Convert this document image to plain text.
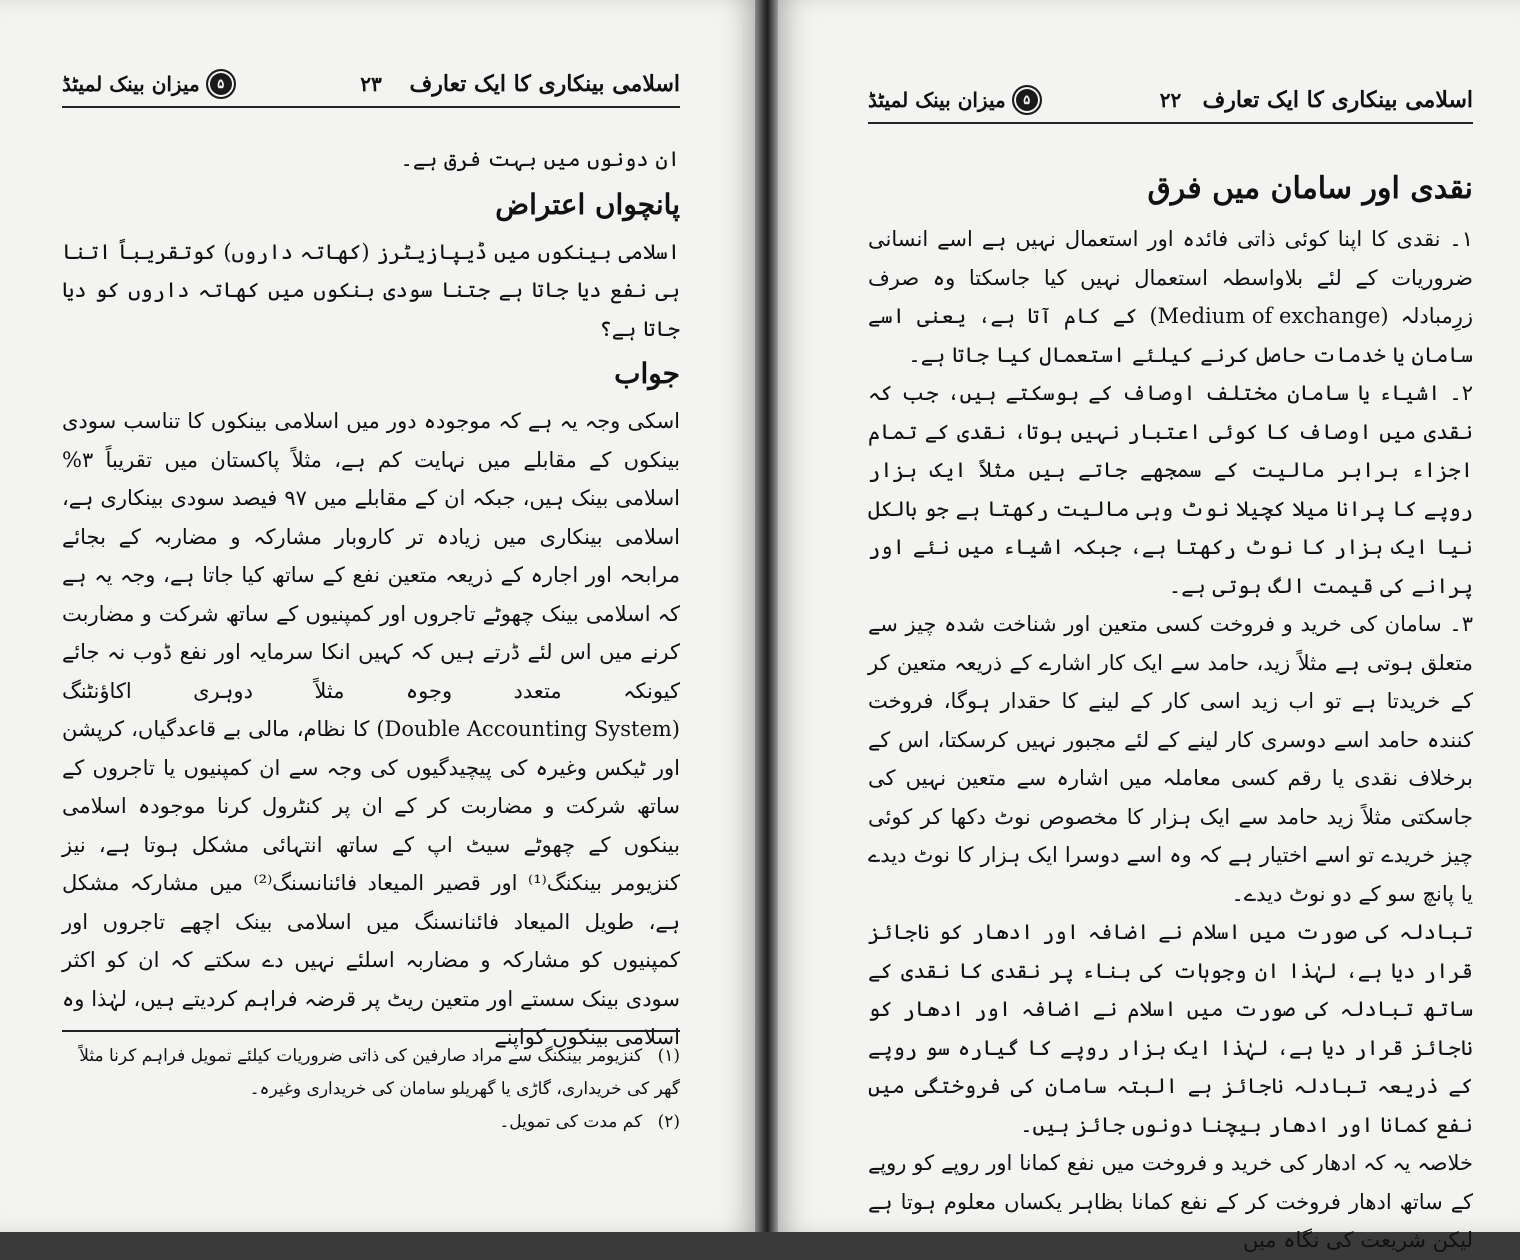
اسلامی بینکاری کا ایک تعارف
۲۳
۵
میزان بینک لمیٹڈ

ان دونوں میں بہت فرق ہے۔

پانچواں اعتراض

اسلامی بینکوں میں ڈیپازیٹرز (کھاتہ داروں) کوتقریباً اتنا ہی نفع دیا جاتا ہے جتنا سودی بنکوں میں کھاتہ داروں کو دیا جاتا ہے؟

جواب

اسکی وجہ یہ ہے کہ موجودہ دور میں اسلامی بینکوں کا تناسب سودی بینکوں کے مقابلے میں نہایت کم ہے، مثلاً پاکستان میں تقریباً ۳% اسلامی بینک ہیں، جبکہ ان کے مقابلے میں ۹۷ فیصد سودی بینکاری ہے، اسلامی بینکاری میں زیادہ تر کاروبار مشارکہ و مضاربہ کے بجائے مرابحہ اور اجارہ کے ذریعہ متعین نفع کے ساتھ کیا جاتا ہے، وجہ یہ ہے کہ اسلامی بینک چھوٹے تاجروں اور کمپنیوں کے ساتھ شرکت و مضاربت کرنے میں اس لئے ڈرتے ہیں کہ کہیں انکا سرمایہ اور نفع ڈوب نہ جائے کیونکہ متعدد وجوہ مثلاً دوہری اکاؤنٹنگ (Double Accounting System) کا نظام، مالی بے قاعدگیاں، کرپشن اور ٹیکس وغیرہ کی پیچیدگیوں کی وجہ سے ان کمپنیوں یا تاجروں کے ساتھ شرکت و مضاربت کر کے ان پر کنٹرول کرنا موجودہ اسلامی بینکوں کے چھوٹے سیٹ اپ کے ساتھ انتہائی مشکل ہوتا ہے، نیز کنزیومر بینکنگ⁽¹⁾ اور قصیر المیعاد فائنانسنگ⁽²⁾ میں مشارکہ مشکل ہے، طویل المیعاد فائنانسنگ میں اسلامی بینک اچھے تاجروں اور کمپنیوں کو مشارکہ و مضاربہ اسلئے نہیں دے سکتے کہ ان کو اکثر سودی بینک سستے اور متعین ریٹ پر قرضہ فراہم کردیتے ہیں، لہٰذا وہ اسلامی بینکوں کواپنے

(۱) کنزیومر بینکنگ سے مراد صارفین کی ذاتی ضروریات کیلئے تمویل فراہم کرنا مثلاً گھر کی خریداری، گاڑی یا گھریلو سامان کی خریداری وغیرہ۔

(۲) کم مدت کی تمویل۔

اسلامی بینکاری کا ایک تعارف
۲۲
۵
میزان بینک لمیٹڈ
نقدی اور سامان میں فرق

۱۔ نقدی کا اپنا کوئی ذاتی فائدہ اور استعمال نہیں ہے اسے انسانی ضروریات کے لئے بلاواسطہ استعمال نہیں کیا جاسکتا وہ صرف زرِمبادلہ (Medium of exchange) کے کام آتا ہے، یعنی اسے سامان یا خدمات حاصل کرنے کیلئے استعمال کیا جاتا ہے۔

۲۔ اشیاء یا سامان مختلف اوصاف کے ہوسکتے ہیں، جب کہ نقدی میں اوصاف کا کوئی اعتبار نہیں ہوتا، نقدی کے تمام اجزاء برابر مالیت کے سمجھے جاتے ہیں مثلاً ایک ہزار روپے کا پرانا میلا کچیلا نوٹ وہی مالیت رکھتا ہے جو بالکل نیا ایک ہزار کا نوٹ رکھتا ہے، جبکہ اشیاء میں نئے اور پرانے کی قیمت الگ ہوتی ہے۔

۳۔ سامان کی خرید و فروخت کسی متعین اور شناخت شدہ چیز سے متعلق ہوتی ہے مثلاً زید، حامد سے ایک کار اشارے کے ذریعہ متعین کر کے خریدتا ہے تو اب زید اسی کار کے لینے کا حقدار ہوگا، فروخت کنندہ حامد اسے دوسری کار لینے کے لئے مجبور نہیں کرسکتا، اس کے برخلاف نقدی یا رقم کسی معاملہ میں اشارہ سے متعین نہیں کی جاسکتی مثلاً زید حامد سے ایک ہزار کا مخصوص نوٹ دکھا کر کوئی چیز خریدے تو اسے اختیار ہے کہ وہ اسے دوسرا ایک ہزار کا نوٹ دیدے یا پانچ سو کے دو نوٹ دیدے۔

تبادلہ کی صورت میں اسلام نے اضافہ اور ادھار کو ناجائز قرار دیا ہے، لہٰذا ان وجوہات کی بناء پر نقدی کا نقدی کے ساتھ تبادلہ کی صورت میں اسلام نے اضافہ اور ادھار کو ناجائز قرار دیا ہے، لہٰذا ایک ہزار روپے کا گیارہ سو روپے کے ذریعہ تبادلہ ناجائز ہے البتہ سامان کی فروختگی میں نفع کمانا اور ادھار بیچنا دونوں جائز ہیں۔

خلاصہ یہ کہ ادھار کی خرید و فروخت میں نفع کمانا اور روپے کو روپے کے ساتھ ادھار فروخت کر کے نفع کمانا بظاہر یکساں معلوم ہوتا ہے لیکن شریعت کی نگاہ میں
